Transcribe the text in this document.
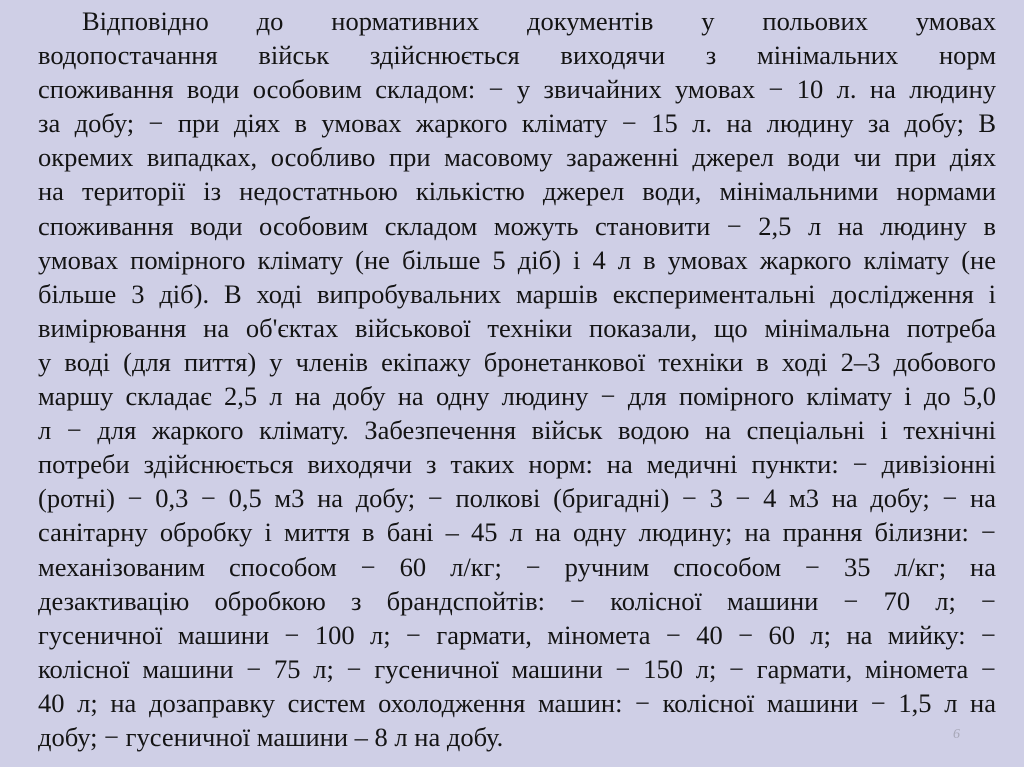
Відповідно до нормативних документів у польових умовах
водопостачання військ здійснюється виходячи з мінімальних норм
споживання води особовим складом: − у звичайних умовах − 10 л. на людину
за добу; − при діях в умовах жаркого клімату − 15 л. на людину за добу; В
окремих випадках, особливо при масовому зараженні джерел води чи при діях
на території із недостатньою кількістю джерел води, мінімальними нормами
споживання води особовим складом можуть становити − 2,5 л на людину в
умовах помірного клімату (не більше 5 діб) і 4 л в умовах жаркого клімату (не
більше 3 діб). В ході випробувальних маршів експериментальні дослідження і
вимірювання на об'єктах військової техніки показали, що мінімальна потреба
у воді (для пиття) у членів екіпажу бронетанкової техніки в ході 2–3 добового
маршу складає 2,5 л на добу на одну людину − для помірного клімату і до 5,0
л − для жаркого клімату. Забезпечення військ водою на спеціальні і технічні
потреби здійснюється виходячи з таких норм: на медичні пункти: − дивізіонні
(ротні) − 0,3 − 0,5 м3 на добу; − полкові (бригадні) − 3 − 4 м3 на добу; − на
санітарну обробку і миття в бані – 45 л на одну людину; на прання білизни: −
механізованим способом − 60 л/кг; − ручним способом − 35 л/кг; на
дезактивацію обробкою з брандспойтів: − колісної машини − 70 л; −
гусеничної машини − 100 л; − гармати, міномета − 40 − 60 л; на мийку: −
колісної машини − 75 л; − гусеничної машини − 150 л; − гармати, міномета −
40 л; на дозаправку систем охолодження машин: − колісної машини − 1,5 л на
добу; − гусеничної машини – 8 л на добу.	6
